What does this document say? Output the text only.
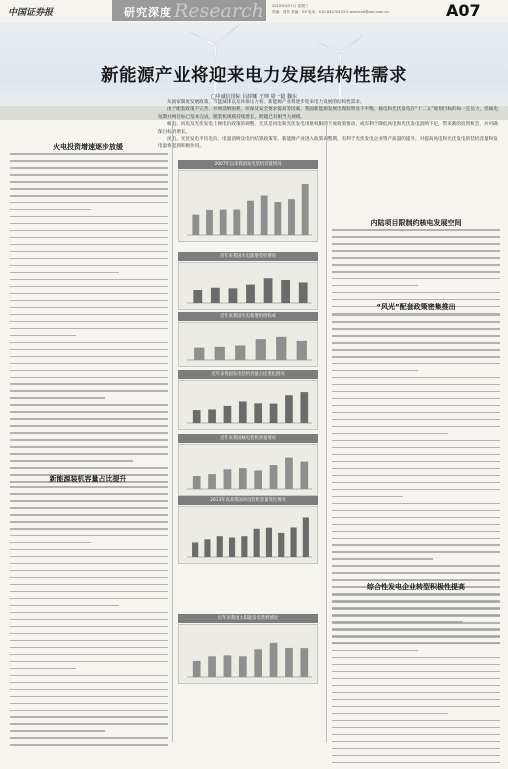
中国证券报	研究深度 Research 2015年4月1日 星期三
责编：周东 美编：XX 电话：010-63070433 E-mail:zzb@zzb.com.cn	A07
新能源产业将迎来电力发展结构性需求
□中诚信国际 吕緈娜 王帅 周一隐 魏东

从国家制度发展政策、节能减排以及环保压力看，新能源产业将逐步迎来电力发展的结构性需求。

由于配套政策不完善、并网消纳困难、环保及安全要求提高等因素，我国新能源发展出现较明显不平衡，核电和光伏发电在“十二五”规划目标的每一定压力，但核电短期并网目标已基本完成，随装机规模持续增长，跨越已有相当大规模。

核电、风电及光伏发电上网电价政策的调整，尤其是风电和光伏发电审批权限的下放政策推动，或有利于降低风电和光伏发电消纳不足，带来新的投资机会，并可确保目标的增长。

风电、光伏发电平均电价、电量消纳及电价结算政策等，新能源产业进入政策调整期，有利于光伏发电企业资产质量的提升，对提高风电和光伏发电的装机容量和发电量将起到积极作用。

火电投资增速逐步放缓
新能源装机容量占比提升
2007年以来我国发电装机容量情况
近年来我国火电新增装机情况
近年来我国火电新增机组构成
近年来我国发电装机容量占比变化情况
近年来我国核电装机容量情况
2013年以来我国风电装机容量变化情况
近年来我国太阳能发电装机情况
内陆项目限制约核电发展空间
“风光”配套政策密集推出
综合性发电企业转型积极性提高
